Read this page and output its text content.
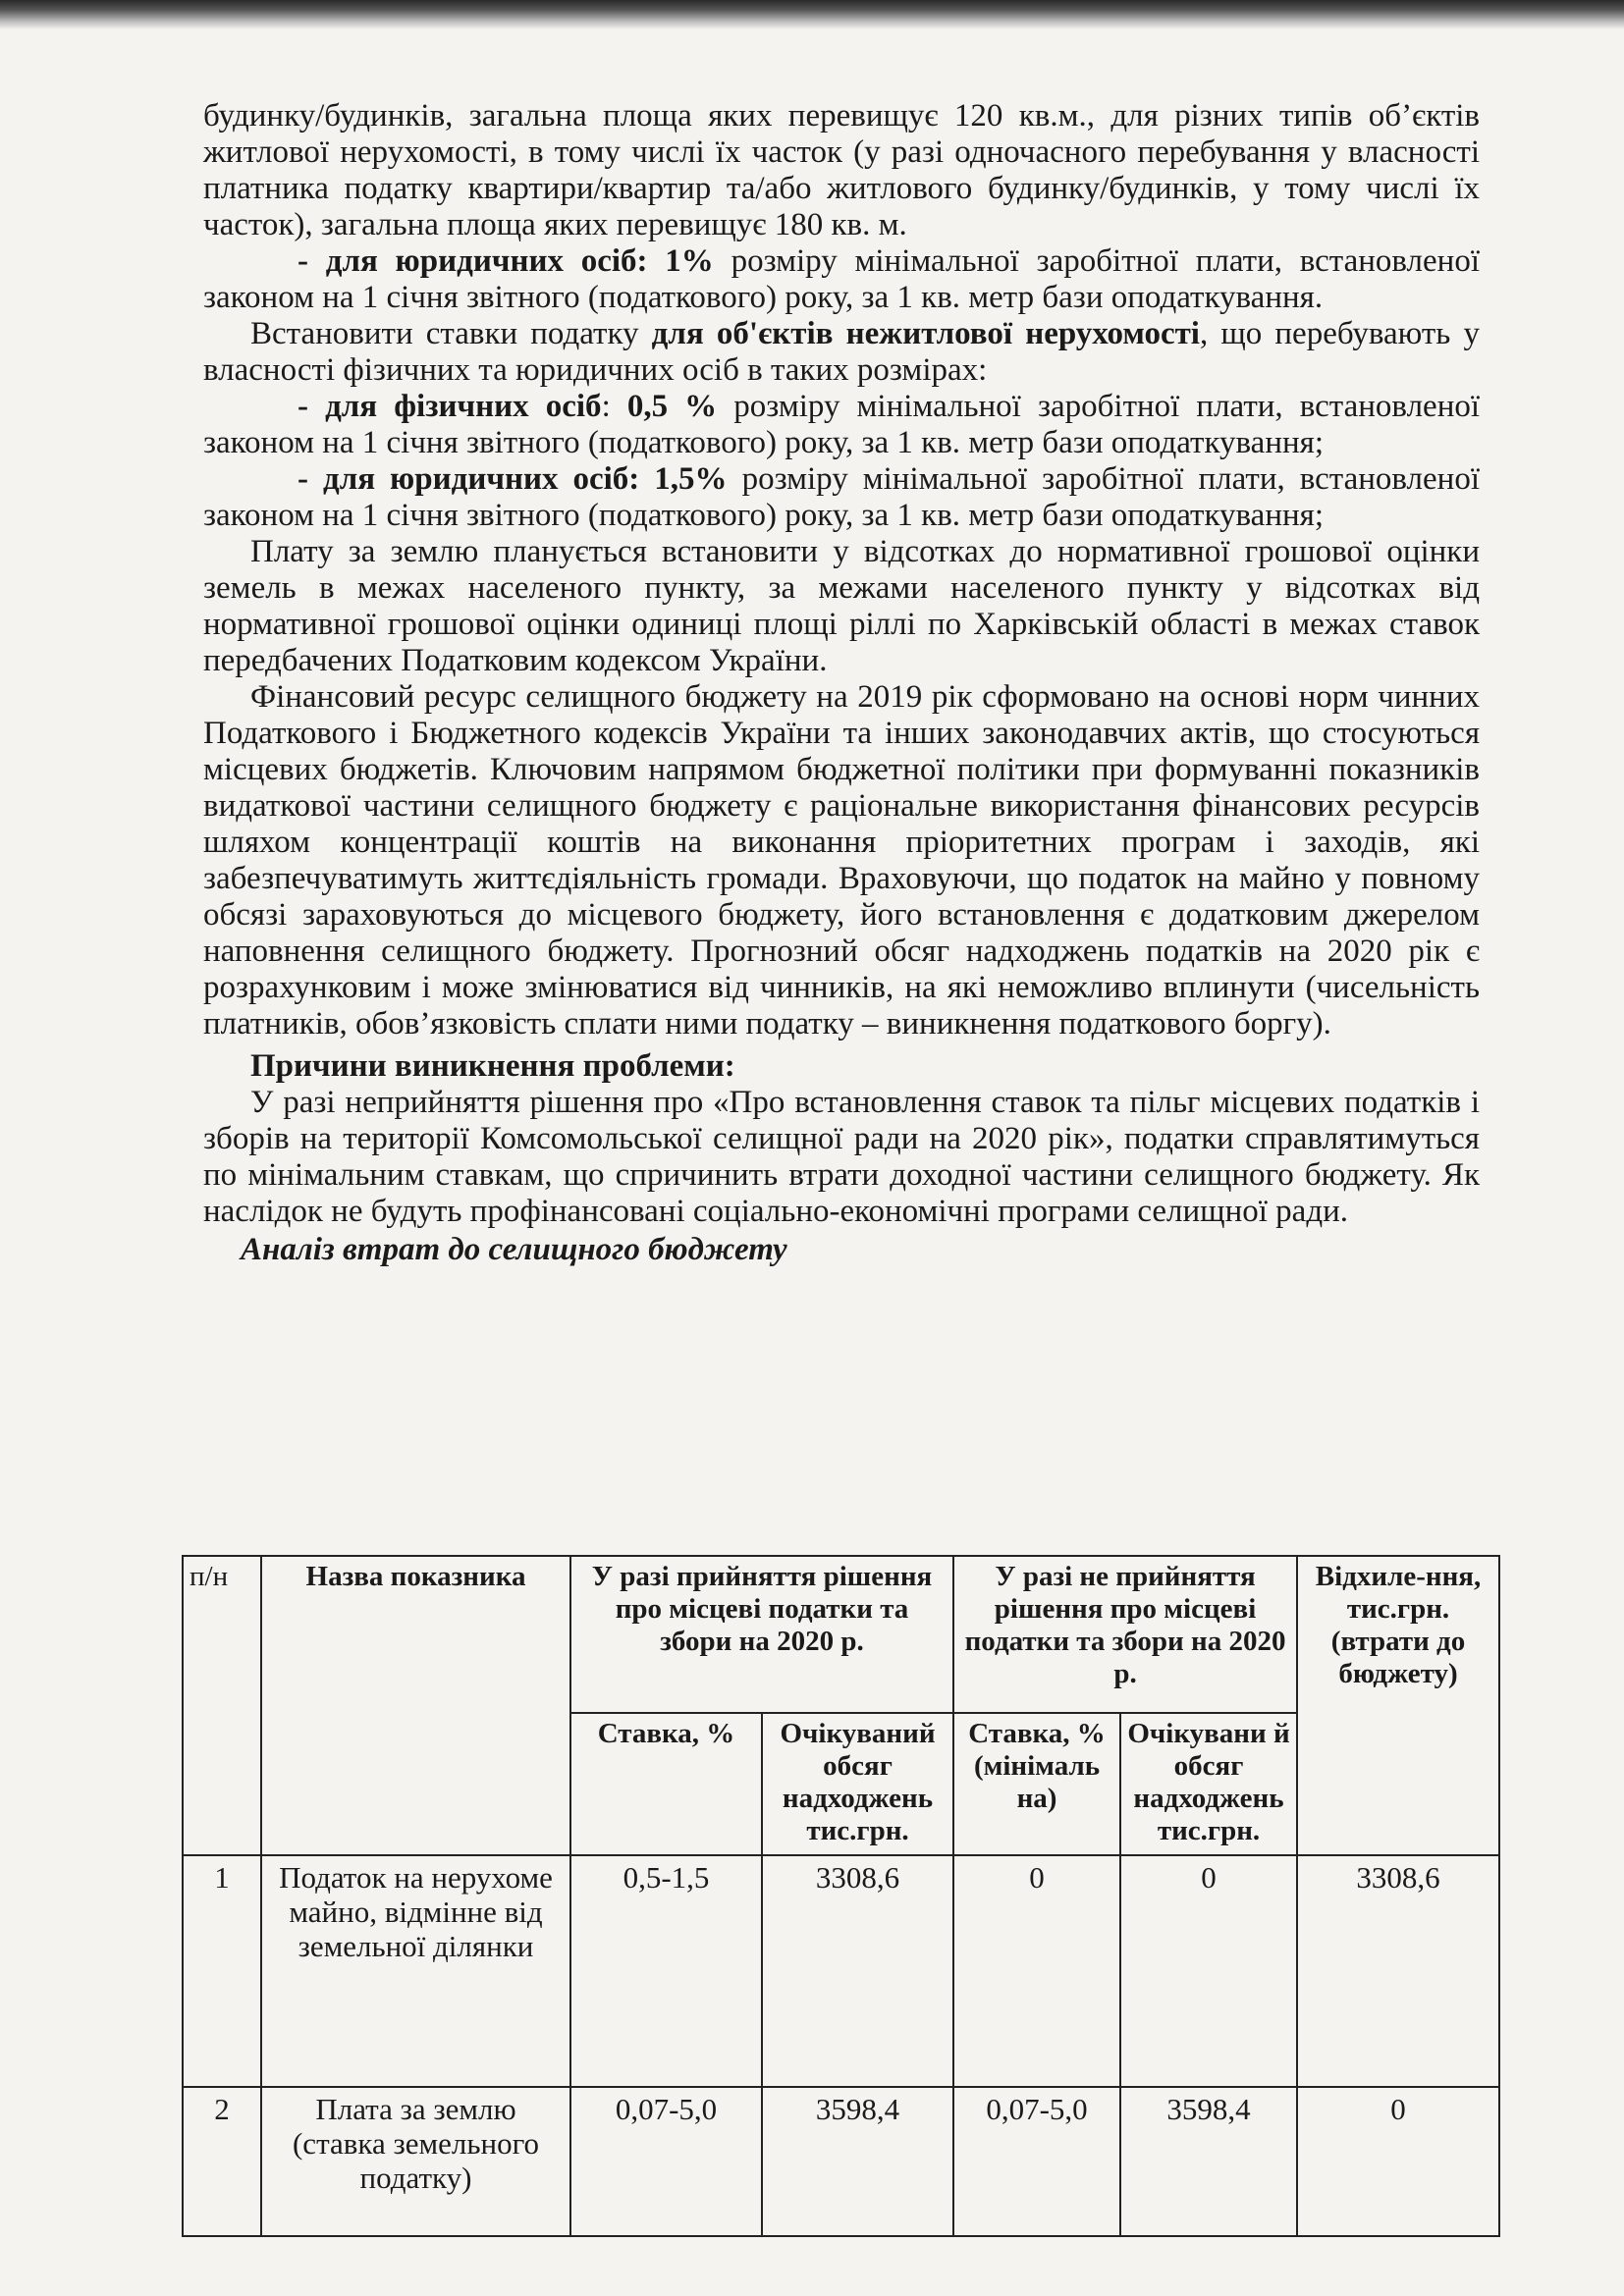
будинку/будинків, загальна площа яких перевищує 120 кв.м., для різних типів об’єктів житлової нерухомості, в тому числі їх часток (у разі одночасного перебування у власності платника податку квартири/квартир та/або житлового будинку/будинків, у тому числі їх часток), загальна площа яких перевищує 180 кв. м.

- для юридичних осіб: 1% розміру мінімальної заробітної плати, встановленої законом на 1 січня звітного (податкового) року, за 1 кв. метр бази оподаткування.

Встановити ставки податку для об'єктів нежитлової нерухомості, що перебувають у власності фізичних та юридичних осіб в таких розмірах:

- для фізичних осіб: 0,5 % розміру мінімальної заробітної плати, встановленої законом на 1 січня звітного (податкового) року, за 1 кв. метр бази оподаткування;

- для юридичних осіб: 1,5% розміру мінімальної заробітної плати, встановленої законом на 1 січня звітного (податкового) року, за 1 кв. метр бази оподаткування;

Плату за землю планується встановити у відсотках до нормативної грошової оцінки земель в межах населеного пункту, за межами населеного пункту у відсотках від нормативної грошової оцінки одиниці площі ріллі по Харківській області в межах ставок передбачених Податковим кодексом України.

Фінансовий ресурс селищного бюджету на 2019 рік сформовано на основі норм чинних Податкового і Бюджетного кодексів України та інших законодавчих актів, що стосуються місцевих бюджетів. Ключовим напрямом бюджетної політики при формуванні показників видаткової частини селищного бюджету є раціональне використання фінансових ресурсів шляхом концентрації коштів на виконання пріоритетних програм і заходів, які забезпечуватимуть життєдіяльність громади. Враховуючи, що податок на майно у повному обсязі зараховуються до місцевого бюджету, його встановлення є додатковим джерелом наповнення селищного бюджету. Прогнозний обсяг надходжень податків на 2020 рік є розрахунковим і може змінюватися від чинників, на які неможливо вплинути (чисельність платників, обов’язковість сплати ними податку – виникнення податкового боргу).

Причини виникнення проблеми:

У разі неприйняття рішення про «Про встановлення ставок та пільг місцевих податків і зборів на території Комсомольської селищної ради на 2020 рік», податки справлятимуться по мінімальним ставкам, що спричинить втрати доходної частини селищного бюджету. Як наслідок не будуть профінансовані соціально-економічні програми селищної ради.

Аналіз втрат до селищного бюджету

п/н	Назва показника	У разі прийняття рішення про місцеві податки та збори на 2020 р.		У разі не прийняття рішення про місцеві податки та збори на 2020 р.		Відхиле-ння, тис.грн. (втрати до бюджету)
		Ставка, %	Очікуваний обсяг надходжень тис.грн.	Ставка, % (мінімаль на)	Очікувани й обсяг надходжень тис.грн.	
1	Податок на нерухоме майно, відмінне від земельної ділянки	0,5-1,5	3308,6	0	0	3308,6
2	Плата за землю (ставка земельного податку)	0,07-5,0	3598,4	0,07-5,0	3598,4	0
